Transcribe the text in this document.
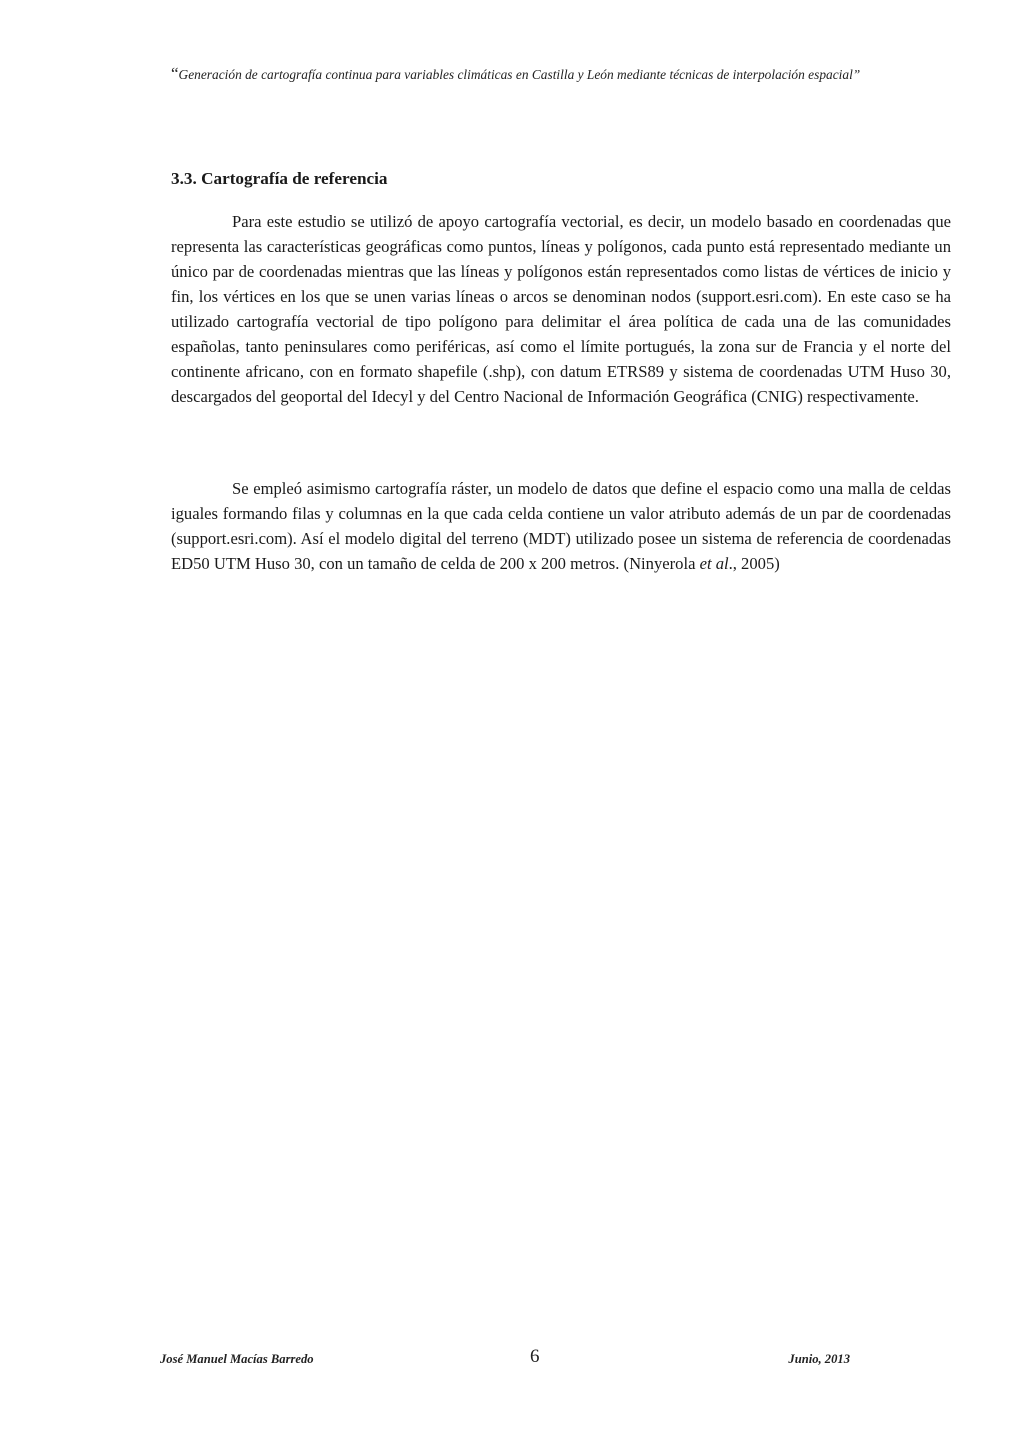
“Generación de cartografía continua para variables climáticas en Castilla y León mediante técnicas de interpolación espacial”
3.3. Cartografía de referencia

Para este estudio se utilizó de apoyo cartografía vectorial, es decir, un modelo basado en coordenadas que representa las características geográficas como puntos, líneas y polígonos, cada punto está representado mediante un único par de coordenadas mientras que las líneas y polígonos están representados como listas de vértices de inicio y fin, los vértices en los que se unen varias líneas o arcos se denominan nodos (support.esri.com). En este caso se ha utilizado cartografía vectorial de tipo polígono para delimitar el área política de cada una de las comunidades españolas, tanto peninsulares como periféricas, así como el límite portugués, la zona sur de Francia y el norte del continente africano, con en formato shapefile (.shp), con datum ETRS89 y sistema de coordenadas UTM Huso 30, descargados del geoportal del Idecyl y del Centro Nacional de Información Geográfica (CNIG) respectivamente.

Se empleó asimismo cartografía ráster, un modelo de datos que define el espacio como una malla de celdas iguales formando filas y columnas en la que cada celda contiene un valor atributo además de un par de coordenadas (support.esri.com). Así el modelo digital del terreno (MDT) utilizado posee un sistema de referencia de coordenadas ED50 UTM Huso 30, con un tamaño de celda de 200 x 200 metros. (Ninyerola et al., 2005)

José Manuel Macías Barredo	6	Junio, 2013
